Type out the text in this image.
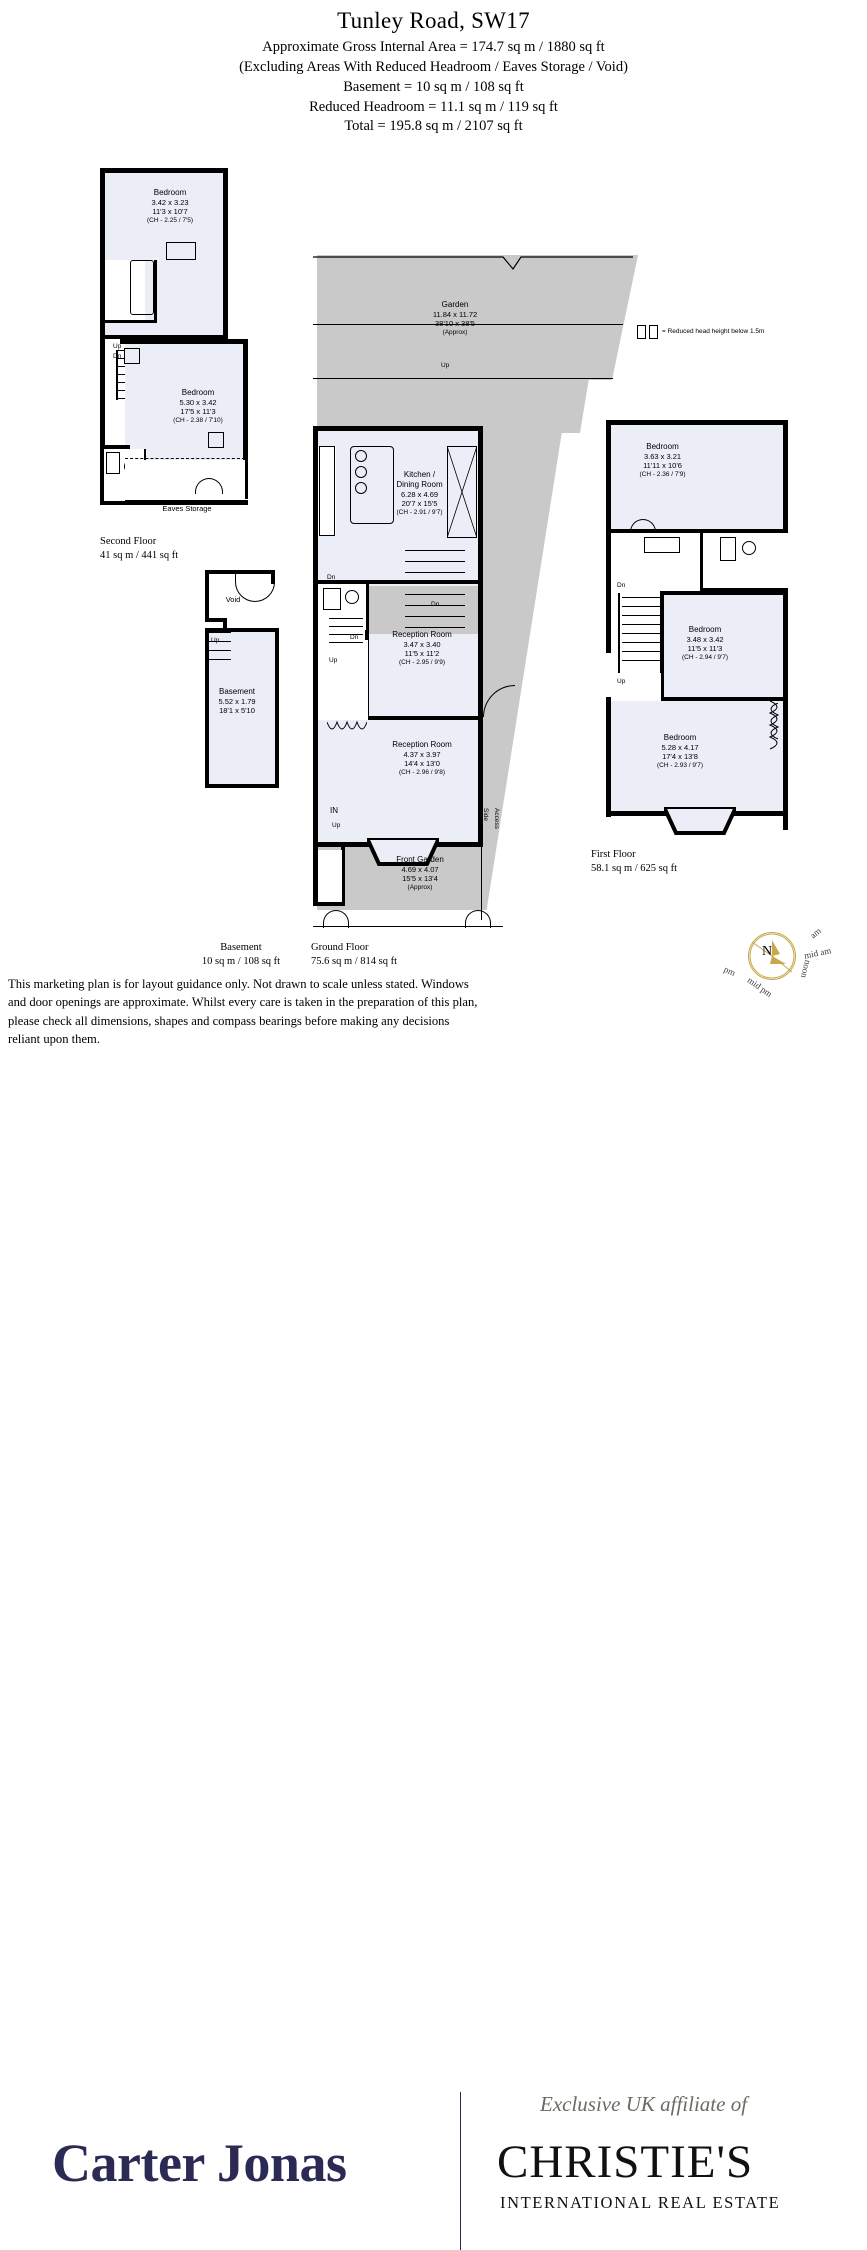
Tunley Road, SW17
Approximate Gross Internal Area = 174.7 sq m / 1880 sq ft
(Excluding Areas With Reduced Headroom / Eaves Storage / Void)
Basement = 10 sq m / 108 sq ft
Reduced Headroom = 11.1 sq m / 119 sq ft
Total = 195.8 sq m / 2107 sq ft
Bedroom
3.42 x 3.23
11'3 x 10'7
(CH - 2.25 / 7'5)
Bedroom
5.30 x 3.42
17'5 x 11'3
(CH - 2.38 / 7'10)
Eaves Storage
Up
Dn
Second Floor
41 sq m / 441 sq ft
Void
Up
Basement
5.52 x 1.79
18'1 x 5'10
Basement
10 sq m / 108 sq ft
Garden
11.84 x 11.72
38'10 x 38'5
(Approx)
Up
Kitchen /
Dining Room
6.28 x 4.69
20'7 x 15'5
(CH - 2.91 / 9'7)
Reception Room
3.47 x 3.40
11'5 x 11'2
(CH - 2.95 / 9'9)
Reception Room
4.37 x 3.97
14'4 x 13'0
(CH - 2.96 / 9'8)
Front Garden
4.69 x 4.07
15'5 x 13'4
(Approx)
Dn
Dn
Dn
Up
IN
Up
Side Access
Ground Floor
75.6 sq m / 814 sq ft
Bedroom
3.63 x 3.21
11'11 x 10'6
(CH - 2.36 / 7'9)
Bedroom
3.48 x 3.42
11'5 x 11'3
(CH - 2.94 / 9'7)
Bedroom
5.28 x 4.17
17'4 x 13'8
(CH - 2.93 / 9'7)
Dn
Up
First Floor
58.1 sq m / 625 sq ft
= Reduced head height below 1.5m
This marketing plan is for layout guidance only. Not drawn to scale unless stated. Windows and door openings are approximate. Whilst every care is taken in the preparation of this plan, please check all dimensions, shapes and compass bearings before making any decisions reliant upon them.
N
am
mid am
noon
mid pm
pm
Carter Jonas
Exclusive UK affiliate of
CHRISTIE'S
INTERNATIONAL REAL ESTATE
